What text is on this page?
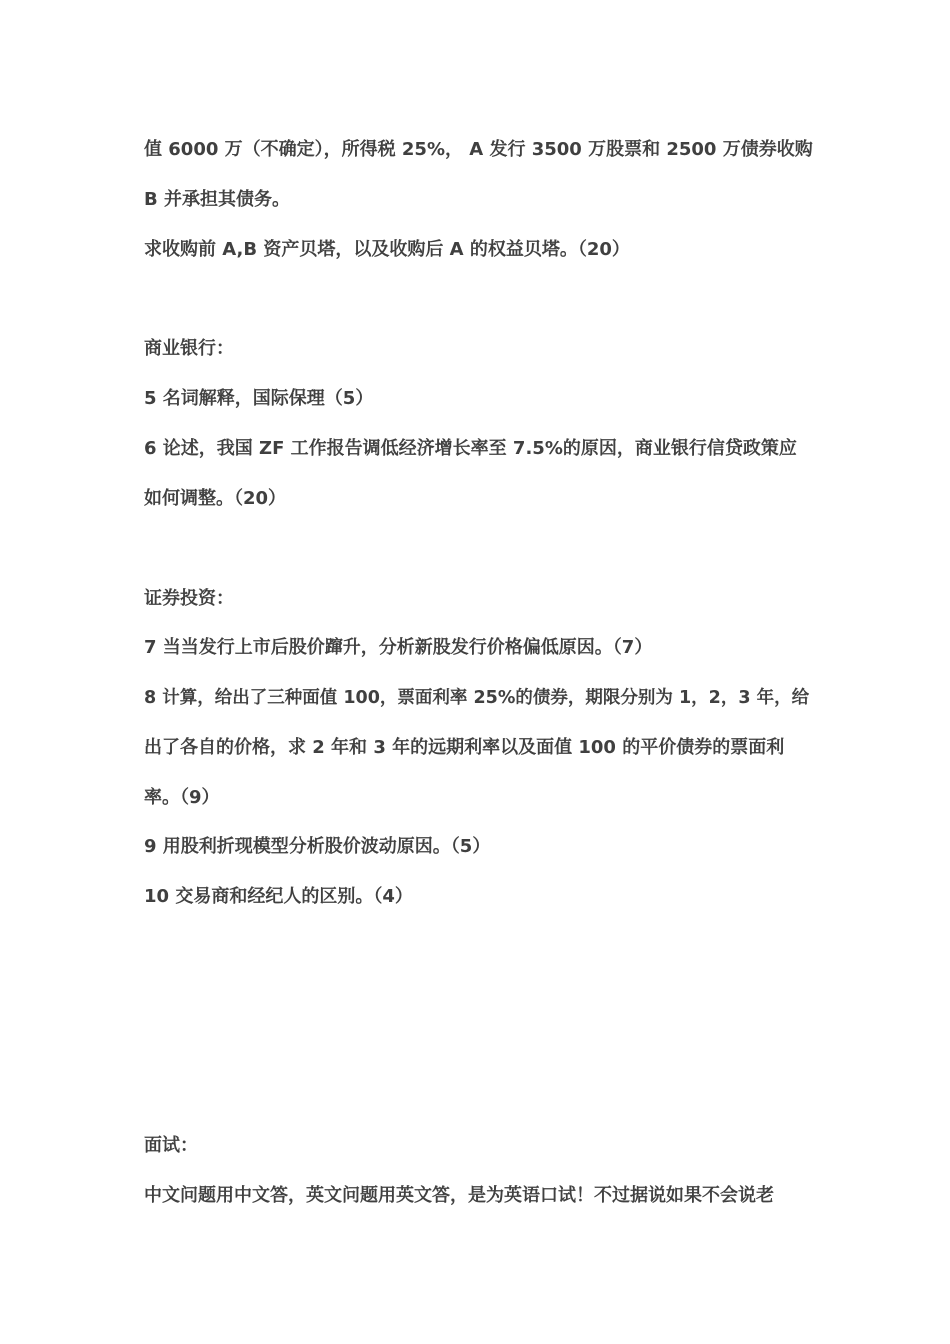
值 6000 万（不确定），所得税 25%， A 发行 3500 万股票和 2500 万债券收购
B 并承担其债务。
求收购前 A,B 资产贝塔，以及收购后 A 的权益贝塔。（20）
商业银行：
5 名词解释，国际保理（5）
6 论述，我国 ZF 工作报告调低经济增长率至 7.5%的原因，商业银行信贷政策应
如何调整。（20）
证券投资：
7 当当发行上市后股价蹿升，分析新股发行价格偏低原因。（7）
8 计算，给出了三种面值 100，票面利率 25%的债券，期限分别为 1，2，3 年，给
出了各自的价格，求 2 年和 3 年的远期利率以及面值 100 的平价债券的票面利
率。（9）
9 用股利折现模型分析股价波动原因。（5）
10 交易商和经纪人的区别。（4）
面试：
中文问题用中文答，英文问题用英文答，是为英语口试！不过据说如果不会说老
